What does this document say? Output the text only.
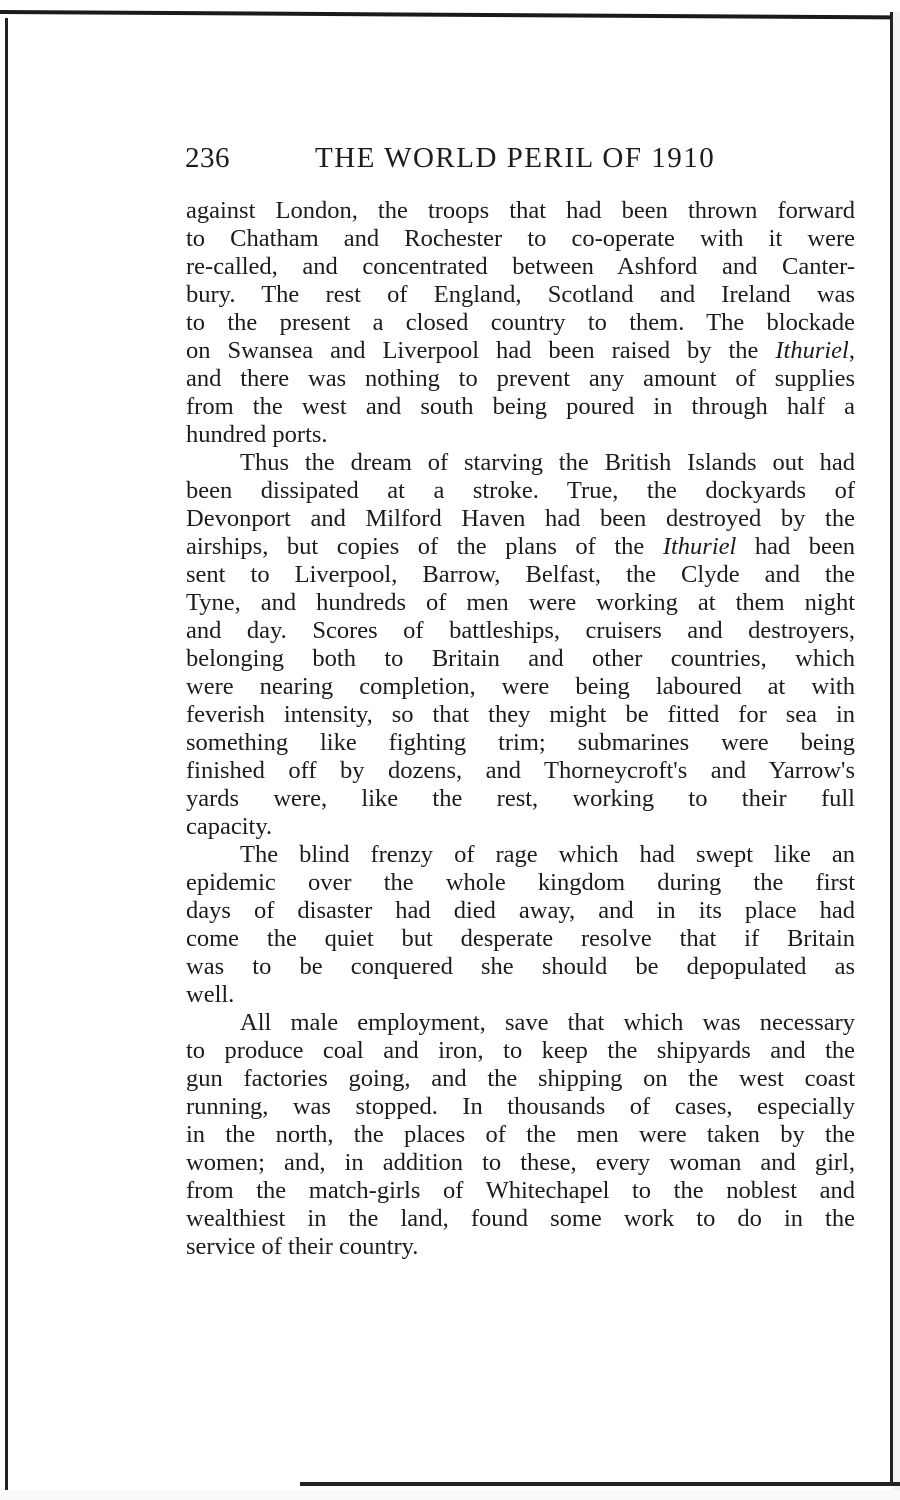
236	THE WORLD PERIL OF 1910
against London, the troops that had been thrown forward
to Chatham and Rochester to co-operate with it were
re-called, and concentrated between Ashford and Canter-
bury. The rest of England, Scotland and Ireland was
to the present a closed country to them. The blockade
on Swansea and Liverpool had been raised by the Ithuriel,
and there was nothing to prevent any amount of supplies
from the west and south being poured in through half a
hundred ports.
Thus the dream of starving the British Islands out had
been dissipated at a stroke. True, the dockyards of
Devonport and Milford Haven had been destroyed by the
airships, but copies of the plans of the Ithuriel had been
sent to Liverpool, Barrow, Belfast, the Clyde and the
Tyne, and hundreds of men were working at them night
and day. Scores of battleships, cruisers and destroyers,
belonging both to Britain and other countries, which
were nearing completion, were being laboured at with
feverish intensity, so that they might be fitted for sea in
something like fighting trim; submarines were being
finished off by dozens, and Thorneycroft's and Yarrow's
yards were, like the rest, working to their full
capacity.
The blind frenzy of rage which had swept like an
epidemic over the whole kingdom during the first
days of disaster had died away, and in its place had
come the quiet but desperate resolve that if Britain
was to be conquered she should be depopulated as
well.
All male employment, save that which was necessary
to produce coal and iron, to keep the shipyards and the
gun factories going, and the shipping on the west coast
running, was stopped. In thousands of cases, especially
in the north, the places of the men were taken by the
women; and, in addition to these, every woman and girl,
from the match-girls of Whitechapel to the noblest and
wealthiest in the land, found some work to do in the
service of their country.
